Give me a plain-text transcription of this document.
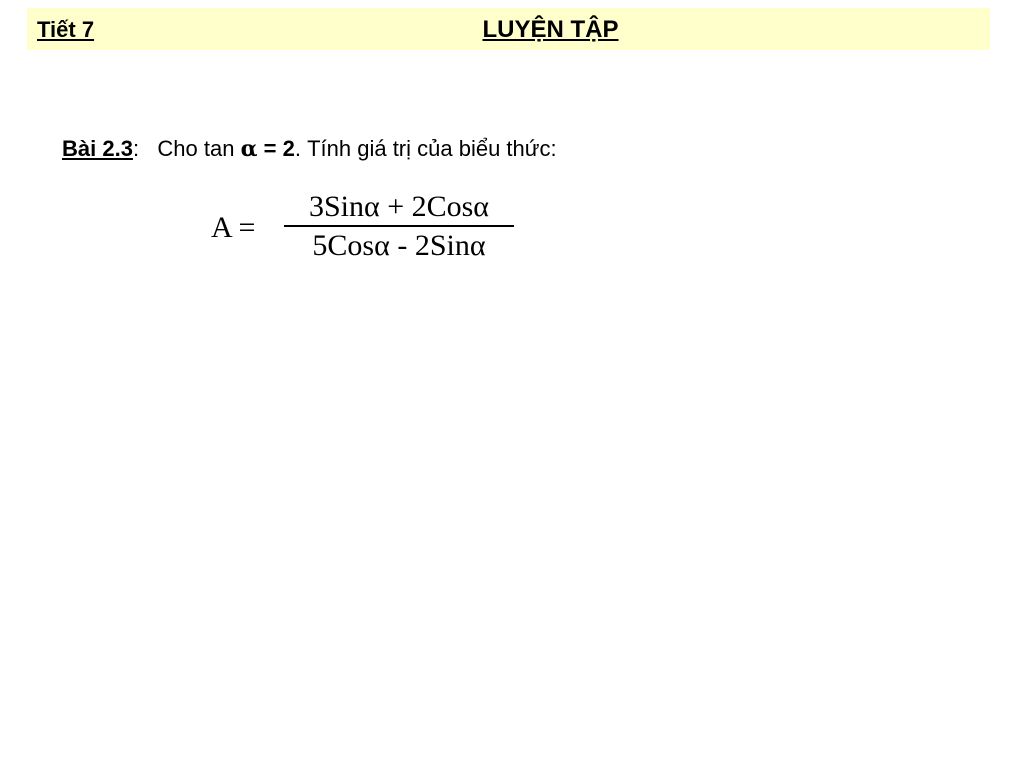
Tiết 7	LUYỆN TẬP
Bài 2.3: Cho tan α = 2. Tính giá trị của biểu thức:
A =
3Sinα + 2Cosα
5Cosα - 2Sinα
